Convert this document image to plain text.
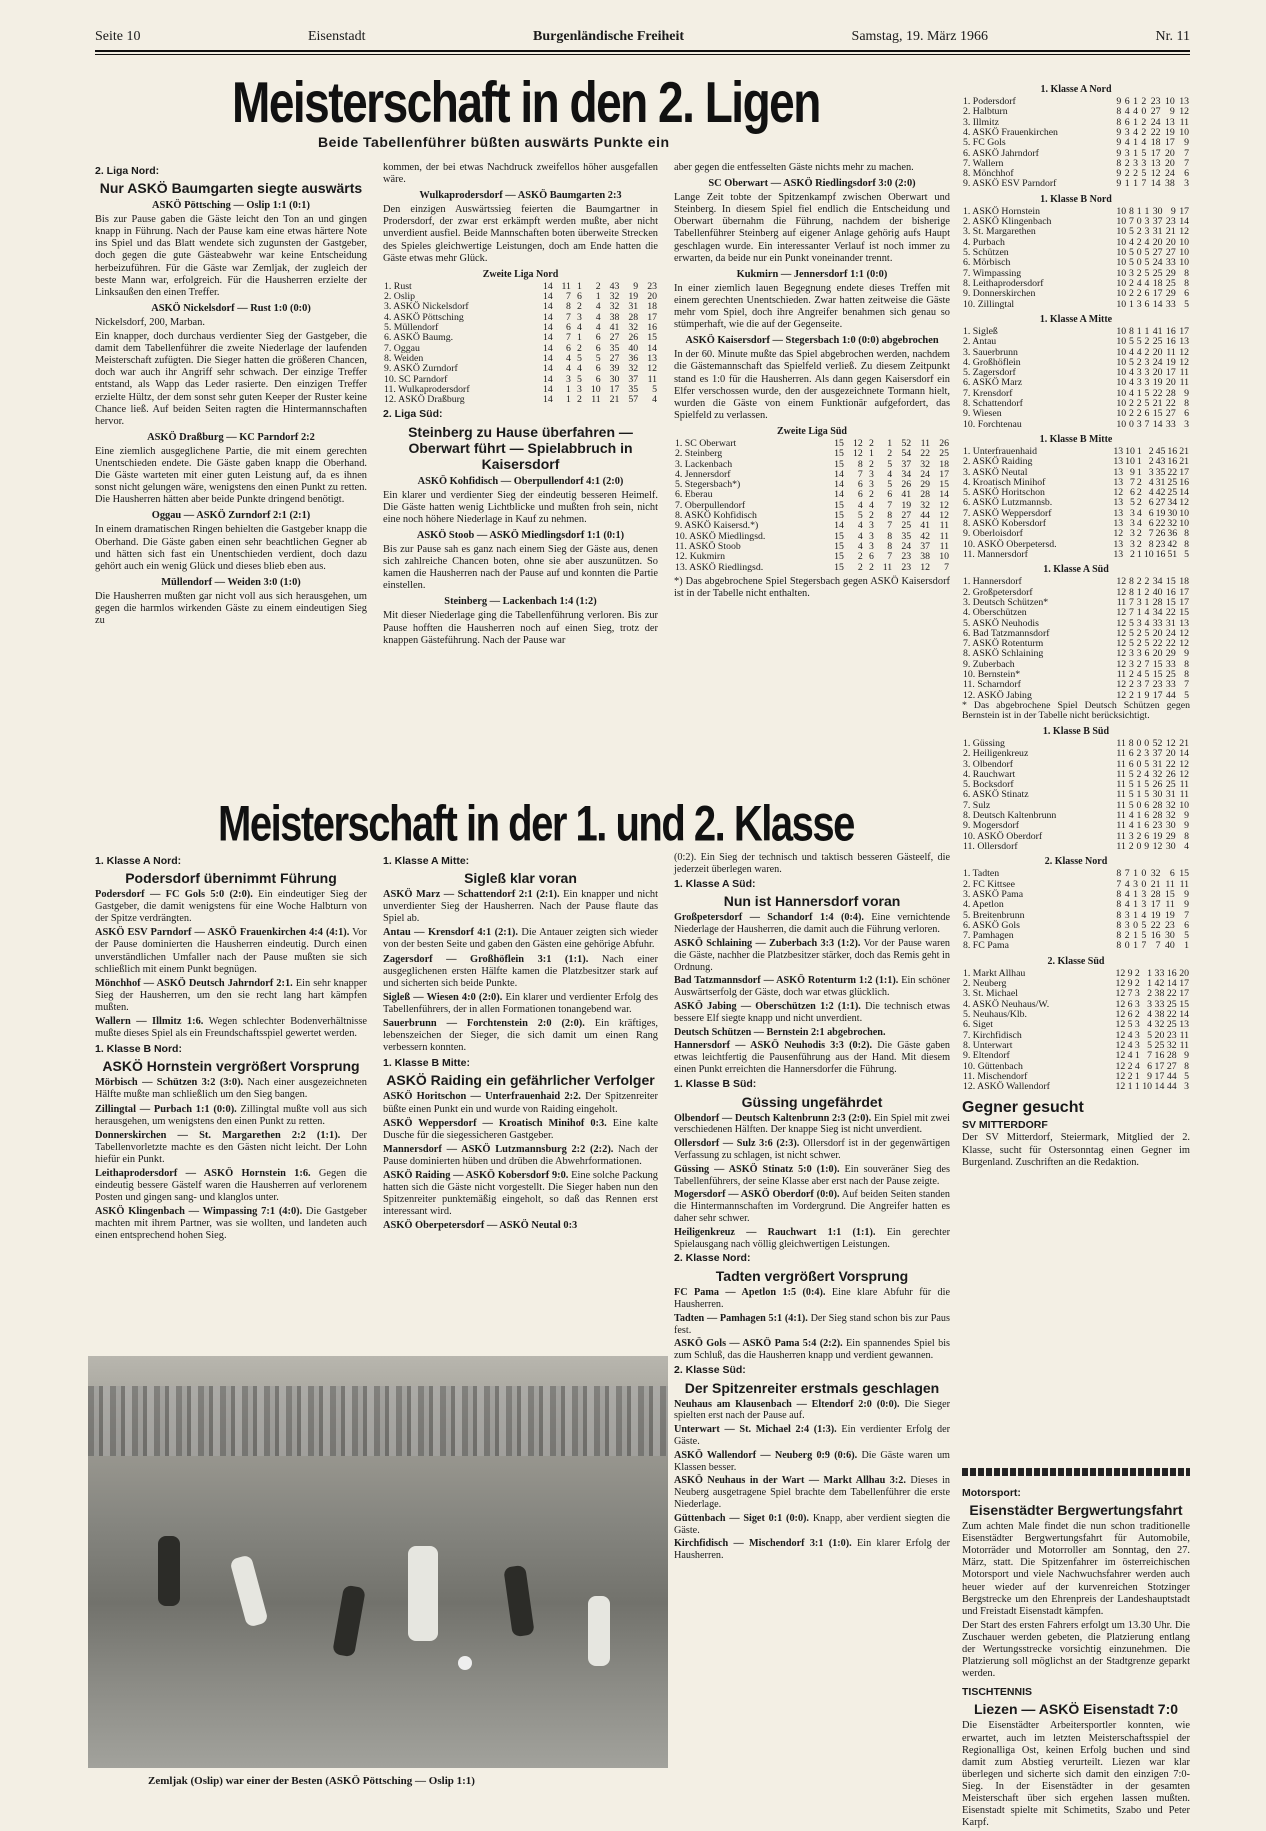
Seite 10	Eisenstadt	Burgenländische Freiheit	Samstag, 19. März 1966	Nr. 11
Meisterschaft in den 2. Ligen
Beide Tabellenführer büßten auswärts Punkte ein
2. Liga Nord:
Nur ASKÖ Baumgarten siegte auswärts
ASKÖ Pöttsching — Oslip 1:1 (0:1)

Bis zur Pause gaben die Gäste leicht den Ton an und gingen knapp in Führung. Nach der Pause kam eine etwas härtere Note ins Spiel und das Blatt wendete sich zugunsten der Gastgeber, doch gegen die gute Gästeabwehr war keine Entscheidung herbeizuführen. Für die Gäste war Zemljak, der zugleich der beste Mann war, erfolgreich. Für die Hausherren erzielte der Linksaußen den einen Treffer.

ASKÖ Nickelsdorf — Rust 1:0 (0:0)

Nickelsdorf, 200, Marban.

Ein knapper, doch durchaus verdienter Sieg der Gastgeber, die damit dem Tabellenführer die zweite Niederlage der laufenden Meisterschaft zufügten. Die Sieger hatten die größeren Chancen, doch war auch ihr Angriff sehr schwach. Der einzige Treffer entstand, als Wapp das Leder rasierte. Den einzigen Treffer erzielte Hültz, der dem sonst sehr guten Keeper der Ruster keine Chance ließ. Auf beiden Seiten ragten die Hintermannschaften hervor.

ASKÖ Draßburg — KC Parndorf 2:2

Eine ziemlich ausgeglichene Partie, die mit einem gerechten Unentschieden endete. Die Gäste gaben knapp die Oberhand. Die Gäste warteten mit einer guten Leistung auf, da es ihnen sonst nicht gelungen wäre, wenigstens den einen Punkt zu retten. Die Hausherren hätten aber beide Punkte dringend benötigt.

Oggau — ASKÖ Zurndorf 2:1 (2:1)

In einem dramatischen Ringen behielten die Gastgeber knapp die Oberhand. Die Gäste gaben einen sehr beachtlichen Gegner ab und hätten sich fast ein Unentschieden verdient, doch dazu gehört auch ein wenig Glück und dieses blieb eben aus.

Müllendorf — Weiden 3:0 (1:0)

Die Hausherren mußten gar nicht voll aus sich herausgehen, um gegen die harmlos wirkenden Gäste zu einem eindeutigen Sieg zu

kommen, der bei etwas Nachdruck zweifellos höher ausgefallen wäre.

Wulkaprodersdorf — ASKÖ Baumgarten 2:3

Den einzigen Auswärtssieg feierten die Baumgartner in Prodersdorf, der zwar erst erkämpft werden mußte, aber nicht unverdient ausfiel. Beide Mannschaften boten überweite Strecken des Spieles gleichwertige Leistungen, doch am Ende hatten die Gäste etwas mehr Glück.

Zweite Liga Nord
1. Rust	14	11	1	2	43	9	23
2. Oslip	14	7	6	1	32	19	20
3. ASKÖ Nickelsdorf	14	8	2	4	32	31	18
4. ASKÖ Pöttsching	14	7	3	4	38	28	17
5. Müllendorf	14	6	4	4	41	32	16
6. ASKÖ Baumg.	14	7	1	6	27	26	15
7. Oggau	14	6	2	6	35	40	14
8. Weiden	14	4	5	5	27	36	13
9. ASKÖ Zurndorf	14	4	4	6	39	32	12
10. SC Parndorf	14	3	5	6	30	37	11
11. Wulkaprodersdorf	14	1	3	10	17	35	5
12. ASKÖ Draßburg	14	1	2	11	21	57	4
2. Liga Süd:
Steinberg zu Hause überfahren — Oberwart führt — Spielabbruch in Kaisersdorf
ASKÖ Kohfidisch — Oberpullendorf 4:1 (2:0)

Ein klarer und verdienter Sieg der eindeutig besseren Heimelf. Die Gäste hatten wenig Lichtblicke und mußten froh sein, nicht eine noch höhere Niederlage in Kauf zu nehmen.

ASKÖ Stoob — ASKÖ Miedlingsdorf 1:1 (0:1)

Bis zur Pause sah es ganz nach einem Sieg der Gäste aus, denen sich zahlreiche Chancen boten, ohne sie aber auszunützen. So kamen die Hausherren nach der Pause auf und konnten die Partie einstellen.

Steinberg — Lackenbach 1:4 (1:2)

Mit dieser Niederlage ging die Tabellenführung verloren. Bis zur Pause hofften die Hausherren noch auf einen Sieg, trotz der knappen Gästeführung. Nach der Pause war

aber gegen die entfesselten Gäste nichts mehr zu machen.

SC Oberwart — ASKÖ Riedlingsdorf 3:0 (2:0)

Lange Zeit tobte der Spitzenkampf zwischen Oberwart und Steinberg. In diesem Spiel fiel endlich die Entscheidung und Oberwart übernahm die Führung, nachdem der bisherige Tabellenführer Steinberg auf eigener Anlage gehörig aufs Haupt geschlagen wurde. Ein interessanter Verlauf ist noch immer zu erwarten, da beide nur ein Punkt voneinander trennt.

Kukmirn — Jennersdorf 1:1 (0:0)

In einer ziemlich lauen Begegnung endete dieses Treffen mit einem gerechten Unentschieden. Zwar hatten zeitweise die Gäste mehr vom Spiel, doch ihre Angreifer benahmen sich genau so stümperhaft, wie die auf der Gegenseite.

ASKÖ Kaisersdorf — Stegersbach 1:0 (0:0) abgebrochen

In der 60. Minute mußte das Spiel abgebrochen werden, nachdem die Gästemannschaft das Spielfeld verließ. Zu diesem Zeitpunkt stand es 1:0 für die Hausherren. Als dann gegen Kaisersdorf ein Elfer verschossen wurde, den der ausgezeichnete Tormann hielt, wurden die Gäste von einem Funktionär aufgefordert, das Spielfeld zu verlassen.

Zweite Liga Süd
1. SC Oberwart	15	12	2	1	52	11	26
2. Steinberg	15	12	1	2	54	22	25
3. Lackenbach	15	8	2	5	37	32	18
4. Jennersdorf	14	7	3	4	34	24	17
5. Stegersbach*)	14	6	3	5	26	29	15
6. Eberau	14	6	2	6	41	28	14
7. Oberpullendorf	15	4	4	7	19	32	12
8. ASKÖ Kohfidisch	15	5	2	8	27	44	12
9. ASKÖ Kaisersd.*)	14	4	3	7	25	41	11
10. ASKÖ Miedlingsd.	15	4	3	8	35	42	11
11. ASKÖ Stoob	15	4	3	8	24	37	11
12. Kukmirn	15	2	6	7	23	38	10
13. ASKÖ Riedlingsd.	15	2	2	11	23	12	7

*) Das abgebrochene Spiel Stegersbach gegen ASKÖ Kaisersdorf ist in der Tabelle nicht enthalten.

1. Klasse A Nord
1. Podersdorf	9	6	1	2	23	10	13
2. Halbturn	8	4	4	0	27	9	12
3. Illmitz	8	6	1	2	24	13	11
4. ASKÖ Frauenkirchen	9	3	4	2	22	19	10
5. FC Gols	9	4	1	4	18	17	9
6. ASKÖ Jahrndorf	9	3	1	5	17	20	7
7. Wallern	8	2	3	3	13	20	7
8. Mönchhof	9	2	2	5	12	24	6
9. ASKÖ ESV Parndorf	9	1	1	7	14	38	3
1. Klasse B Nord
1. ASKÖ Hornstein	10	8	1	1	30	9	17
2. ASKÖ Klingenbach	10	7	0	3	37	23	14
3. St. Margarethen	10	5	2	3	31	21	12
4. Purbach	10	4	2	4	20	20	10
5. Schützen	10	5	0	5	27	27	10
6. Mörbisch	10	5	0	5	24	33	10
7. Wimpassing	10	3	2	5	25	29	8
8. Leithaprodersdorf	10	2	4	4	18	25	8
9. Donnerskirchen	10	2	2	6	17	29	6
10. Zillingtal	10	1	3	6	14	33	5
1. Klasse A Mitte
1. Sigleß	10	8	1	1	41	16	17
2. Antau	10	5	5	2	25	16	13
3. Sauerbrunn	10	4	4	2	20	11	12
4. Großhöflein	10	5	2	3	24	19	12
5. Zagersdorf	10	4	3	3	20	17	11
6. ASKÖ Marz	10	4	3	3	19	20	11
7. Krensdorf	10	4	1	5	22	28	9
8. Schattendorf	10	2	2	5	21	22	8
9. Wiesen	10	2	2	6	15	27	6
10. Forchtenau	10	0	3	7	14	33	3
1. Klasse B Mitte
1. Unterfrauenhaid	13	10	1	2	45	16	21
2. ASKÖ Raiding	13	10	1	2	43	16	21
3. ASKÖ Neutal	13	9	1	3	35	22	17
4. Kroatisch Minihof	13	7	2	4	31	25	16
5. ASKÖ Horitschon	12	6	2	4	42	25	14
6. ASKÖ Lutzmannsb.	13	5	2	6	27	34	12
7. ASKÖ Weppersdorf	13	3	4	6	19	30	10
8. ASKÖ Kobersdorf	13	3	4	6	22	32	10
9. Oberloisdorf	12	3	2	7	26	36	8
10. ASKÖ Oberpetersd.	13	3	2	8	23	42	8
11. Mannersdorf	13	2	1	10	16	51	5
1. Klasse A Süd
1. Hannersdorf	12	8	2	2	34	15	18
2. Großpetersdorf	12	8	1	2	40	16	17
3. Deutsch Schützen*	11	7	3	1	28	15	17
4. Oberschützen	12	7	1	4	34	22	15
5. ASKÖ Neuhodis	12	5	3	4	33	31	13
6. Bad Tatzmannsdorf	12	5	2	5	20	24	12
7. ASKÖ Rotenturm	12	5	2	5	22	22	12
8. ASKÖ Schlaining	12	3	3	6	20	29	9
9. Zuberbach	12	3	2	7	15	33	8
10. Bernstein*	11	2	4	5	15	25	8
11. Scharndorf	12	2	3	7	23	33	7
12. ASKÖ Jabing	12	2	1	9	17	44	5

* Das abgebrochene Spiel Deutsch Schützen gegen Bernstein ist in der Tabelle nicht berücksichtigt.

1. Klasse B Süd
1. Güssing	11	8	0	0	52	12	21
2. Heiligenkreuz	11	6	2	3	37	20	14
3. Olbendorf	11	6	0	5	31	22	12
4. Rauchwart	11	5	2	4	32	26	12
5. Bocksdorf	11	5	1	5	26	25	11
6. ASKÖ Stinatz	11	5	1	5	30	31	11
7. Sulz	11	5	0	6	28	32	10
8. Deutsch Kaltenbrunn	11	4	1	6	28	32	9
9. Mogersdorf	11	4	1	6	23	30	9
10. ASKÖ Oberdorf	11	3	2	6	19	29	8
11. Ollersdorf	11	2	0	9	12	30	4
2. Klasse Nord
1. Tadten	8	7	1	0	32	6	15
2. FC Kittsee	7	4	3	0	21	11	11
3. ASKÖ Pama	8	4	1	3	28	15	9
4. Apetlon	8	4	1	3	17	11	9
5. Breitenbrunn	8	3	1	4	19	19	7
6. ASKÖ Gols	8	3	0	5	22	23	6
7. Pamhagen	8	2	1	5	16	30	5
8. FC Pama	8	0	1	7	7	40	1
2. Klasse Süd
1. Markt Allhau	12	9	2	1	33	16	20
2. Neuberg	12	9	2	1	42	14	17
3. St. Michael	12	7	3	2	38	22	17
4. ASKÖ Neuhaus/W.	12	6	3	3	33	25	15
5. Neuhaus/Klb.	12	6	2	4	38	22	14
6. Siget	12	5	3	4	32	25	13
7. Kirchfidisch	12	4	3	5	20	23	11
8. Unterwart	12	4	3	5	25	32	11
9. Eltendorf	12	4	1	7	16	28	9
10. Güttenbach	12	2	4	6	17	27	8
11. Mischendorf	12	2	1	9	17	44	5
12. ASKÖ Wallendorf	12	1	1	10	14	44	3
Gegner gesucht
SV MITTERDORF

Der SV Mitterdorf, Steiermark, Mitglied der 2. Klasse, sucht für Ostersonntag einen Gegner im Burgenland. Zuschriften an die Redaktion.

Motorsport:
Eisenstädter Bergwertungsfahrt

Zum achten Male findet die nun schon traditionelle Eisenstädter Bergwertungsfahrt für Automobile, Motorräder und Motorroller am Sonntag, den 27. März, statt. Die Spitzenfahrer im österreichischen Motorsport und viele Nachwuchsfahrer werden auch heuer wieder auf der kurvenreichen Stotzinger Bergstrecke um den Ehrenpreis der Landeshauptstadt und Freistadt Eisenstadt kämpfen.

Der Start des ersten Fahrers erfolgt um 13.30 Uhr. Die Zuschauer werden gebeten, die Platzierung entlang der Wertungsstrecke vorsichtig einzunehmen. Die Platzierung soll möglichst an der Stadtgrenze geparkt werden.

TISCHTENNIS
Liezen — ASKÖ Eisenstadt 7:0

Die Eisenstädter Arbeitersportler konnten, wie erwartet, auch im letzten Meisterschaftsspiel der Regionalliga Ost, keinen Erfolg buchen und sind damit zum Abstieg verurteilt. Liezen war klar überlegen und sicherte sich damit den einzigen 7:0-Sieg. In der Eisenstädter in der gesamten Meisterschaft über sich ergehen lassen mußten. Eisenstadt spielte mit Schimetits, Szabo und Peter Karpf.

Meisterschaft in der 1. und 2. Klasse
1. Klasse A Nord:
Podersdorf übernimmt Führung

Podersdorf — FC Gols 5:0 (2:0). Ein eindeutiger Sieg der Gastgeber, die damit wenigstens für eine Woche Halbturn von der Spitze verdrängten.

ASKÖ ESV Parndorf — ASKÖ Frauenkirchen 4:4 (4:1). Vor der Pause dominierten die Hausherren eindeutig. Durch einen unverständlichen Umfaller nach der Pause mußten sie sich schließlich mit einem Punkt begnügen.

Mönchhof — ASKÖ Deutsch Jahrndorf 2:1. Ein sehr knapper Sieg der Hausherren, um den sie recht lang hart kämpfen mußten.

Wallern — Illmitz 1:6. Wegen schlechter Bodenverhältnisse mußte dieses Spiel als ein Freundschaftsspiel gewertet werden.

1. Klasse B Nord:
ASKÖ Hornstein vergrößert Vorsprung

Mörbisch — Schützen 3:2 (3:0). Nach einer ausgezeichneten Hälfte mußte man schließlich um den Sieg bangen.

Zillingtal — Purbach 1:1 (0:0). Zillingtal mußte voll aus sich herausgehen, um wenigstens den einen Punkt zu retten.

Donnerskirchen — St. Margarethen 2:2 (1:1). Der Tabellenvorletzte machte es den Gästen nicht leicht. Der Lohn hiefür ein Punkt.

Leithaprodersdorf — ASKÖ Hornstein 1:6. Gegen die eindeutig bessere Gästelf waren die Hausherren auf verlorenem Posten und gingen sang- und klanglos unter.

ASKÖ Klingenbach — Wimpassing 7:1 (4:0). Die Gastgeber machten mit ihrem Partner, was sie wollten, und landeten auch einen entsprechend hohen Sieg.

1. Klasse A Mitte:
Sigleß klar voran

ASKÖ Marz — Schattendorf 2:1 (2:1). Ein knapper und nicht unverdienter Sieg der Hausherren. Nach der Pause flaute das Spiel ab.

Antau — Krensdorf 4:1 (2:1). Die Antauer zeigten sich wieder von der besten Seite und gaben den Gästen eine gehörige Abfuhr.

Zagersdorf — Großhöflein 3:1 (1:1). Nach einer ausgeglichenen ersten Hälfte kamen die Platzbesitzer stark auf und sicherten sich beide Punkte.

Sigleß — Wiesen 4:0 (2:0). Ein klarer und verdienter Erfolg des Tabellenführers, der in allen Formationen tonangebend war.

Sauerbrunn — Forchtenstein 2:0 (2:0). Ein kräftiges, lebenszeichen der Sieger, die sich damit um einen Rang verbessern konnten.

1. Klasse B Mitte:
ASKÖ Raiding ein gefährlicher Verfolger

ASKÖ Horitschon — Unterfrauenhaid 2:2. Der Spitzenreiter büßte einen Punkt ein und wurde von Raiding eingeholt.

ASKÖ Weppersdorf — Kroatisch Minihof 0:3. Eine kalte Dusche für die siegessicheren Gastgeber.

Mannersdorf — ASKÖ Lutzmannsburg 2:2 (2:2). Nach der Pause dominierten hüben und drüben die Abwehrformationen.

ASKÖ Raiding — ASKÖ Kobersdorf 9:0. Eine solche Packung hatten sich die Gäste nicht vorgestellt. Die Sieger haben nun den Spitzenreiter punktemäßig eingeholt, so daß das Rennen erst interessant wird.

ASKÖ Oberpetersdorf — ASKÖ Neutal 0:3

(0:2). Ein Sieg der technisch und taktisch besseren Gästeelf, die jederzeit überlegen waren.

1. Klasse A Süd:
Nun ist Hannersdorf voran

Großpetersdorf — Schandorf 1:4 (0:4). Eine vernichtende Niederlage der Hausherren, die damit auch die Führung verloren.

ASKÖ Schlaining — Zuberbach 3:3 (1:2). Vor der Pause waren die Gäste, nachher die Platzbesitzer stärker, doch das Remis geht in Ordnung.

Bad Tatzmannsdorf — ASKÖ Rotenturm 1:2 (1:1). Ein schöner Auswärtserfolg der Gäste, doch war etwas glücklich.

ASKÖ Jabing — Oberschützen 1:2 (1:1). Die technisch etwas bessere Elf siegte knapp und nicht unverdient.

Deutsch Schützen — Bernstein 2:1 abgebrochen.

Hannersdorf — ASKÖ Neuhodis 3:3 (0:2). Die Gäste gaben etwas leichtfertig die Pausenführung aus der Hand. Mit diesem einen Punkt erreichten die Hannersdorfer die Führung.

1. Klasse B Süd:
Güssing ungefährdet

Olbendorf — Deutsch Kaltenbrunn 2:3 (2:0). Ein Spiel mit zwei verschiedenen Hälften. Der knappe Sieg ist nicht unverdient.

Ollersdorf — Sulz 3:6 (2:3). Ollersdorf ist in der gegenwärtigen Verfassung zu schlagen, ist nicht schwer.

Güssing — ASKÖ Stinatz 5:0 (1:0). Ein souveräner Sieg des Tabellenführers, der seine Klasse aber erst nach der Pause zeigte.

Mogersdorf — ASKÖ Oberdorf (0:0). Auf beiden Seiten standen die Hintermannschaften im Vordergrund. Die Angreifer hatten es daher sehr schwer.

Heiligenkreuz — Rauchwart 1:1 (1:1). Ein gerechter Spielausgang nach völlig gleichwertigen Leistungen.

2. Klasse Nord:
Tadten vergrößert Vorsprung

FC Pama — Apetlon 1:5 (0:4). Eine klare Abfuhr für die Hausherren.

Tadten — Pamhagen 5:1 (4:1). Der Sieg stand schon bis zur Paus fest.

ASKÖ Gols — ASKÖ Pama 5:4 (2:2). Ein spannendes Spiel bis zum Schluß, das die Hausherren knapp und verdient gewannen.

2. Klasse Süd:
Der Spitzenreiter erstmals geschlagen

Neuhaus am Klausenbach — Eltendorf 2:0 (0:0). Die Sieger spielten erst nach der Pause auf.

Unterwart — St. Michael 2:4 (1:3). Ein verdienter Erfolg der Gäste.

ASKÖ Wallendorf — Neuberg 0:9 (0:6). Die Gäste waren um Klassen besser.

ASKÖ Neuhaus in der Wart — Markt Allhau 3:2. Dieses in Neuberg ausgetragene Spiel brachte dem Tabellenführer die erste Niederlage.

Güttenbach — Siget 0:1 (0:0). Knapp, aber verdient siegten die Gäste.

Kirchfidisch — Mischendorf 3:1 (1:0). Ein klarer Erfolg der Hausherren.

Zemljak (Oslip) war einer der Besten (ASKÖ Pöttsching — Oslip 1:1)
